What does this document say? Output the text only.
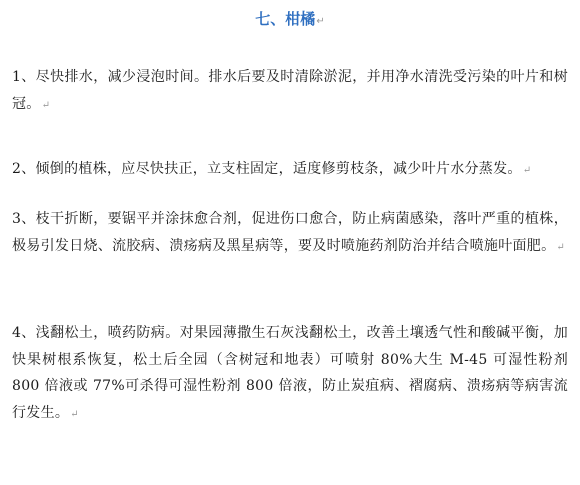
七、柑橘↵

1、尽快排水，减少浸泡时间。排水后要及时清除淤泥，并用净水清洗受污染的叶片和树冠。↵

2、倾倒的植株，应尽快扶正，立支柱固定，适度修剪枝条，减少叶片水分蒸发。↵

3、枝干折断，要锯平并涂抹愈合剂，促进伤口愈合，防止病菌感染，落叶严重的植株，极易引发日烧、流胶病、溃疡病及黑星病等，要及时喷施药剂防治并结合喷施叶面肥。↵

4、浅翻松土，喷药防病。对果园薄撒生石灰浅翻松土，改善土壤透气性和酸碱平衡，加快果树根系恢复，松土后全园（含树冠和地表）可喷射 80%大生 M-45 可湿性粉剂 800 倍液或 77%可杀得可湿性粉剂 800 倍液，防止炭疽病、褶腐病、溃疡病等病害流行发生。↵
